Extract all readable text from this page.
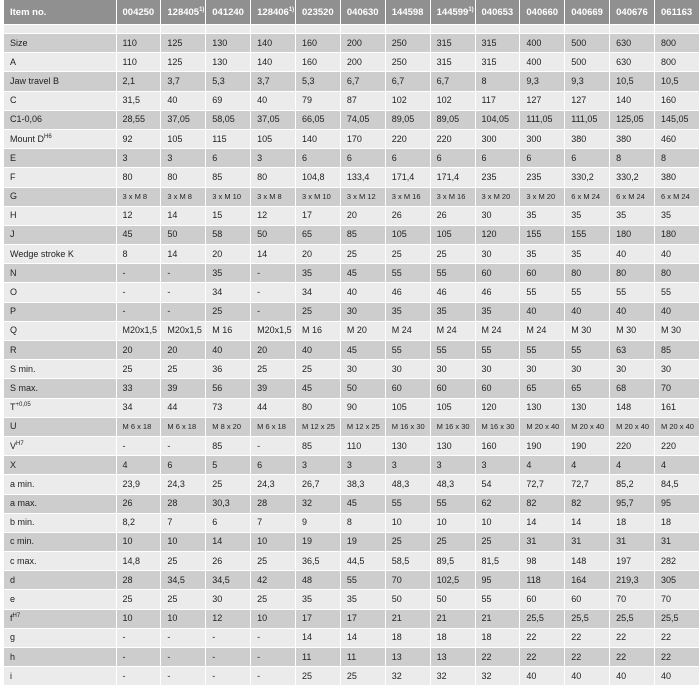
Item no.	004250	128405$^{1)}$	041240	128406$^{1)}$	023520	040630	144598	144599$^{1)}$	040653	040660	040669	040676	061163

Size	110	125	130	140	160	200	250	315	315	400	500	630	800
A	110	125	130	140	160	200	250	315	315	400	500	630	800
Jaw travel B	2,1	3,7	5,3	3,7	5,3	6,7	6,7	6,7	8	9,3	9,3	10,5	10,5
C	31,5	40	69	40	79	87	102	102	117	127	127	140	160
C1-0,06	28,55	37,05	58,05	37,05	66,05	74,05	89,05	89,05	104,05	111,05	111,05	125,05	145,05
Mount $D^{H6}$	92	105	115	105	140	170	220	220	300	300	380	380	460
E	3	3	6	3	6	6	6	6	6	6	6	8	8
F	80	80	85	80	104,8	133,4	171,4	171,4	235	235	330,2	330,2	380
G	3 x M 8	3 x M 8	3 x M 10	3 x M 8	3 x M 10	3 x M 12	3 x M 16	3 x M 16	3 x M 20	3 x M 20	6 x M 24	6 x M 24	6 x M 24
H	12	14	15	12	17	20	26	26	30	35	35	35	35
J	45	50	58	50	65	85	105	105	120	155	155	180	180
Wedge stroke K	8	14	20	14	20	25	25	25	30	35	35	40	40
N	-	-	35	-	35	45	55	55	60	60	80	80	80
O	-	-	34	-	34	40	46	46	46	55	55	55	55
P	-	-	25	-	25	30	35	35	35	40	40	40	40
Q	M20x1,5	M20x1,5	M 16	M20x1,5	M 16	M 20	M 24	M 24	M 24	M 24	M 30	M 30	M 30
R	20	20	40	20	40	45	55	55	55	55	55	63	85
S min.	25	25	36	25	25	30	30	30	30	30	30	30	30
S max.	33	39	56	39	45	50	60	60	60	65	65	68	70
$T^{+0,05}$	34	44	73	44	80	90	105	105	120	130	130	148	161
U	M 6 x 18	M 6 x 18	M 8 x 20	M 6 x 18	M 12 x 25	M 12 x 25	M 16 x 30	M 16 x 30	M 16 x 30	M 20 x 40	M 20 x 40	M 20 x 40	M 20 x 40
$V^{H7}$	-	-	85	-	85	110	130	130	160	190	190	220	220
X	4	6	5	6	3	3	3	3	3	4	4	4	4
a min.	23,9	24,3	25	24,3	26,7	38,3	48,3	48,3	54	72,7	72,7	85,2	84,5
a max.	26	28	30,3	28	32	45	55	55	62	82	82	95,7	95
b min.	8,2	7	6	7	9	8	10	10	10	14	14	18	18
c min.	10	10	14	10	19	19	25	25	25	31	31	31	31
c max.	14,8	25	26	25	36,5	44,5	58,5	89,5	81,5	98	148	197	282
d	28	34,5	34,5	42	48	55	70	102,5	95	118	164	219,3	305
e	25	25	30	25	35	35	50	50	55	60	60	70	70
$f^{H7}$	10	10	12	10	17	17	21	21	21	25,5	25,5	25,5	25,5
g	-	-	-	-	14	14	18	18	18	22	22	22	22
h	-	-	-	-	11	11	13	13	22	22	22	22	22
i	-	-	-	-	25	25	32	32	32	40	40	40	40
